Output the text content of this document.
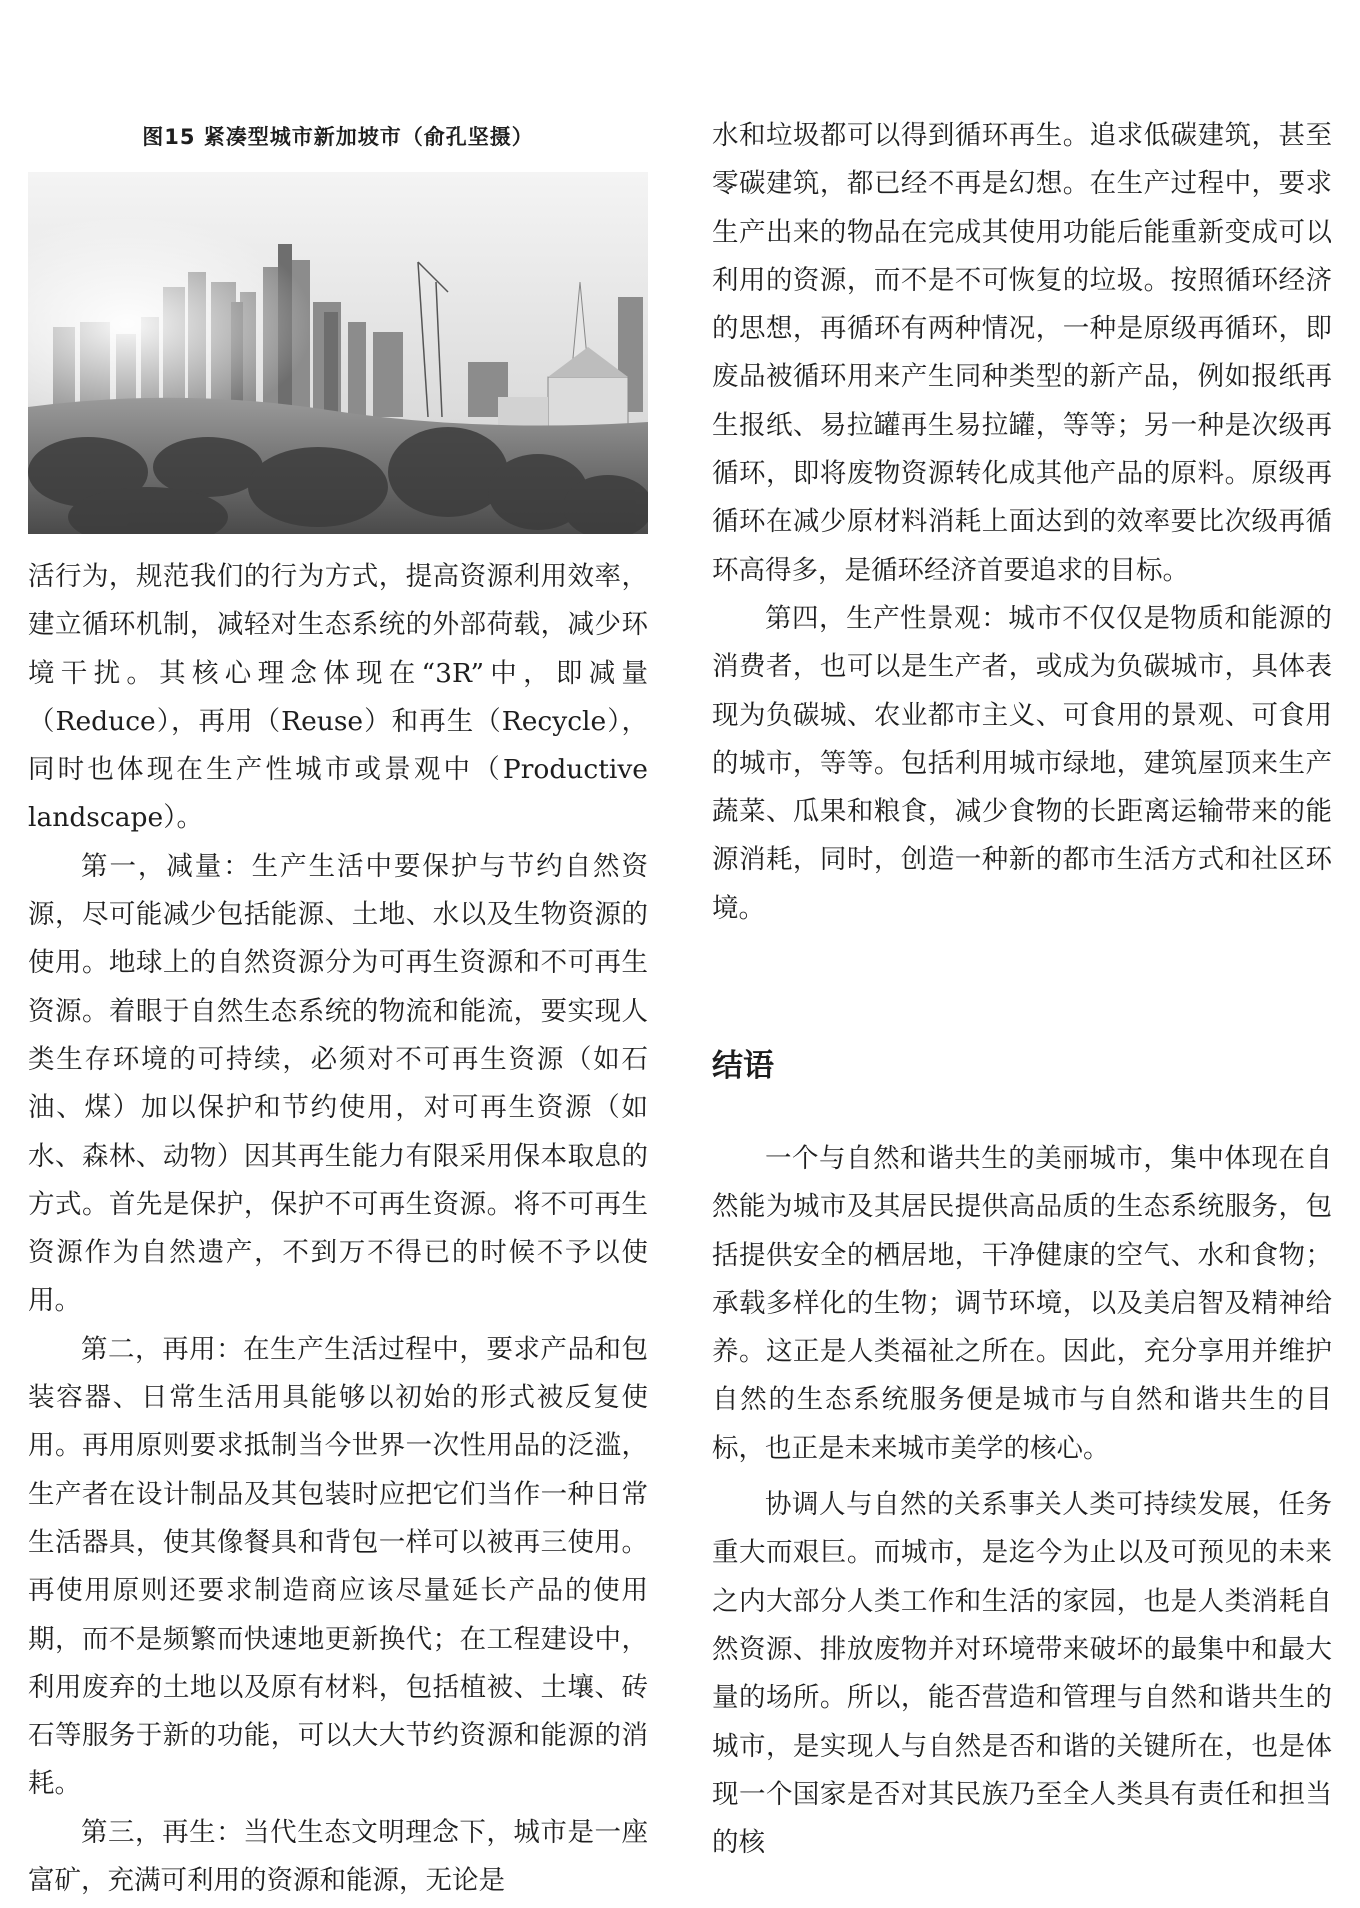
图15 紧凑型城市新加坡市（俞孔坚摄）

活行为，规范我们的行为方式，提高资源利用效率，建立循环机制，减轻对生态系统的外部荷载，减少环境干扰。其核心理念体现在“3R”中，即减量（Reduce），再用（Reuse）和再生（Recycle），同时也体现在生产性城市或景观中（Productive landscape）。

第一，减量：生产生活中要保护与节约自然资源，尽可能减少包括能源、土地、水以及生物资源的使用。地球上的自然资源分为可再生资源和不可再生资源。着眼于自然生态系统的物流和能流，要实现人类生存环境的可持续，必须对不可再生资源（如石油、煤）加以保护和节约使用，对可再生资源（如水、森林、动物）因其再生能力有限采用保本取息的方式。首先是保护，保护不可再生资源。将不可再生资源作为自然遗产，不到万不得已的时候不予以使用。

第二，再用：在生产生活过程中，要求产品和包装容器、日常生活用具能够以初始的形式被反复使用。再用原则要求抵制当今世界一次性用品的泛滥，生产者在设计制品及其包装时应把它们当作一种日常生活器具，使其像餐具和背包一样可以被再三使用。再使用原则还要求制造商应该尽量延长产品的使用期，而不是频繁而快速地更新换代；在工程建设中，利用废弃的土地以及原有材料，包括植被、土壤、砖石等服务于新的功能，可以大大节约资源和能源的消耗。

第三，再生：当代生态文明理念下，城市是一座富矿，充满可利用的资源和能源，无论是

水和垃圾都可以得到循环再生。追求低碳建筑，甚至零碳建筑，都已经不再是幻想。在生产过程中，要求生产出来的物品在完成其使用功能后能重新变成可以利用的资源，而不是不可恢复的垃圾。按照循环经济的思想，再循环有两种情况，一种是原级再循环，即废品被循环用来产生同种类型的新产品，例如报纸再生报纸、易拉罐再生易拉罐，等等；另一种是次级再循环，即将废物资源转化成其他产品的原料。原级再循环在减少原材料消耗上面达到的效率要比次级再循环高得多，是循环经济首要追求的目标。

第四，生产性景观：城市不仅仅是物质和能源的消费者，也可以是生产者，或成为负碳城市，具体表现为负碳城、农业都市主义、可食用的景观、可食用的城市，等等。包括利用城市绿地，建筑屋顶来生产蔬菜、瓜果和粮食，减少食物的长距离运输带来的能源消耗，同时，创造一种新的都市生活方式和社区环境。

结语

一个与自然和谐共生的美丽城市，集中体现在自然能为城市及其居民提供高品质的生态系统服务，包括提供安全的栖居地，干净健康的空气、水和食物；承载多样化的生物；调节环境，以及美启智及精神给养。这正是人类福祉之所在。因此，充分享用并维护自然的生态系统服务便是城市与自然和谐共生的目标，也正是未来城市美学的核心。

协调人与自然的关系事关人类可持续发展，任务重大而艰巨。而城市，是迄今为止以及可预见的未来之内大部分人类工作和生活的家园，也是人类消耗自然资源、排放废物并对环境带来破坏的最集中和最大量的场所。所以，能否营造和管理与自然和谐共生的城市，是实现人与自然是否和谐的关键所在，也是体现一个国家是否对其民族乃至全人类具有责任和担当的核
